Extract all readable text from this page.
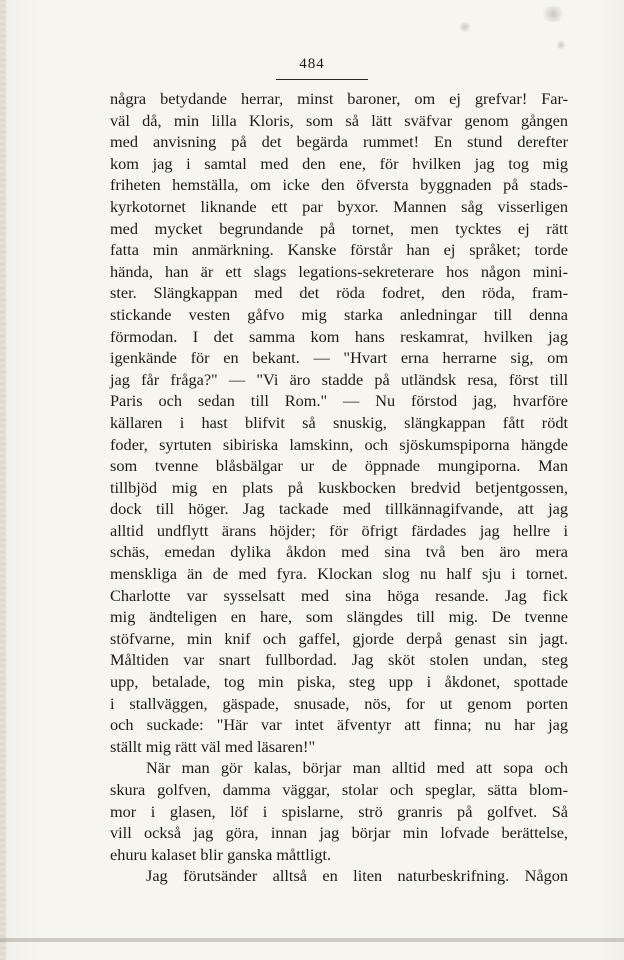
484
några betydande herrar, minst baroner, om ej grefvar! Far-
väl då, min lilla Kloris, som så lätt sväfvar genom gången
med anvisning på det begärda rummet! En stund derefter
kom jag i samtal med den ene, för hvilken jag tog mig
friheten hemställa, om icke den öfversta byggnaden på stads-
kyrkotornet liknande ett par byxor. Mannen såg visserligen
med mycket begrundande på tornet, men tycktes ej rätt
fatta min anmärkning. Kanske förstår han ej språket; torde
hända, han är ett slags legations-sekreterare hos någon mini-
ster. Slängkappan med det röda fodret, den röda, fram-
stickande vesten gåfvo mig starka anledningar till denna
förmodan. I det samma kom hans reskamrat, hvilken jag
igenkände för en bekant. — "Hvart erna herrarne sig, om
jag får fråga?" — "Vi äro stadde på utländsk resa, först till
Paris och sedan till Rom." — Nu förstod jag, hvarföre
källaren i hast blifvit så snuskig, slängkappan fått rödt
foder, syrtuten sibiriska lamskinn, och sjöskumspiporna hängde
som tvenne blåsbälgar ur de öppnade mungiporna. Man
tillbjöd mig en plats på kuskbocken bredvid betjentgossen,
dock till höger. Jag tackade med tillkännagifvande, att jag
alltid undflytt ärans höjder; för öfrigt färdades jag hellre i
schäs, emedan dylika åkdon med sina två ben äro mera
menskliga än de med fyra. Klockan slog nu half sju i tornet.
Charlotte var sysselsatt med sina höga resande. Jag fick
mig ändteligen en hare, som slängdes till mig. De tvenne
stöfvarne, min knif och gaffel, gjorde derpå genast sin jagt.
Måltiden var snart fullbordad. Jag sköt stolen undan, steg
upp, betalade, tog min piska, steg upp i åkdonet, spottade
i stallväggen, gäspade, snusade, nös, for ut genom porten
och suckade: "Här var intet äfventyr att finna; nu har jag
ställt mig rätt väl med läsaren!"
När man gör kalas, börjar man alltid med att sopa och
skura golfven, damma väggar, stolar och speglar, sätta blom-
mor i glasen, löf i spislarne, strö granris på golfvet. Så
vill också jag göra, innan jag börjar min lofvade berättelse,
ehuru kalaset blir ganska måttligt.
Jag förutsänder alltså en liten naturbeskrifning. Någon
